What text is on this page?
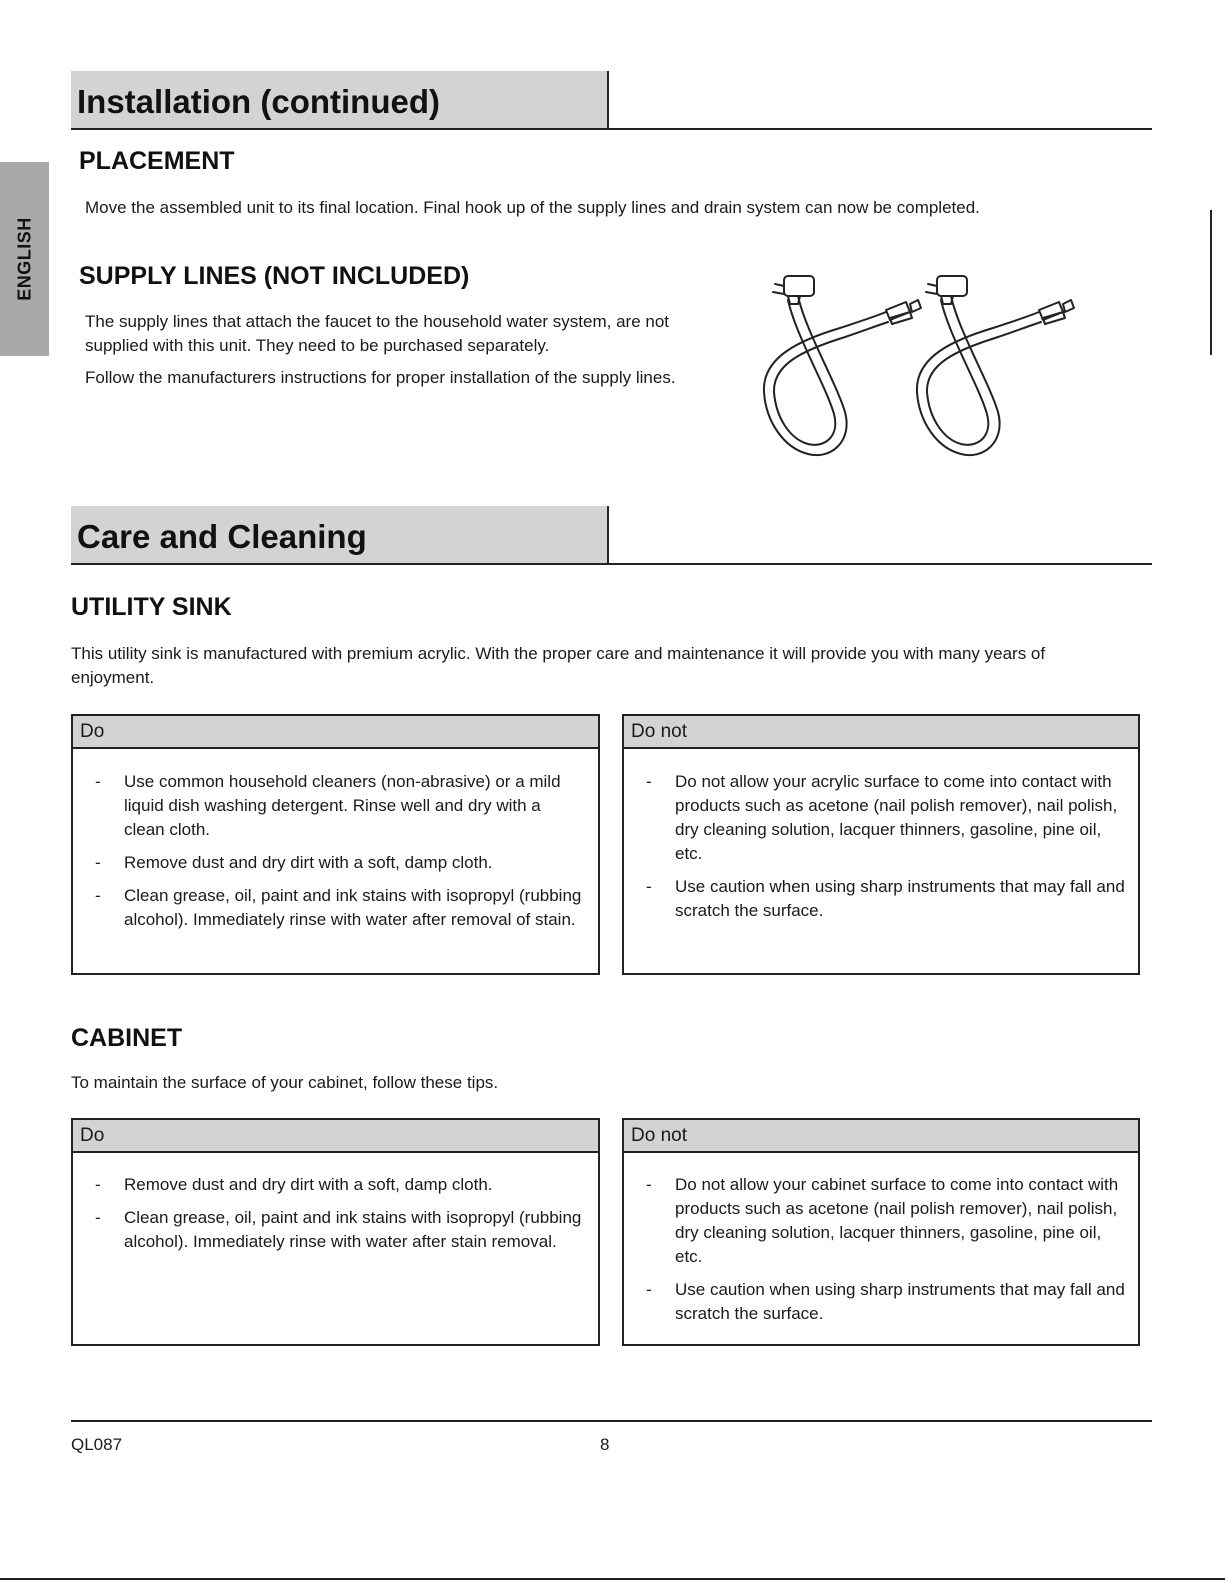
ENGLISH
Installation (continued)
PLACEMENT
Move the assembled unit to its final location. Final hook up of the supply lines and drain system can now be completed.
SUPPLY LINES (NOT INCLUDED)
The supply lines that attach the faucet to the household water system, are not supplied with this unit. They need to be purchased separately.
Follow the manufacturers instructions for proper installation of the supply lines.
Care and Cleaning
UTILITY SINK
This utility sink is manufactured with premium acrylic. With the proper care and maintenance it will provide you with many years of enjoyment.
Do
- Use common household cleaners (non-abrasive) or a mild liquid dish washing detergent. Rinse well and dry with a clean cloth.
- Remove dust and dry dirt with a soft, damp cloth.
- Clean grease, oil, paint and ink stains with isopropyl (rubbing alcohol). Immediately rinse with water after removal of stain.
Do not
- Do not allow your acrylic surface to come into contact with products such as acetone (nail polish remover), nail polish, dry cleaning solution, lacquer thinners, gasoline, pine oil, etc.
- Use caution when using sharp instruments that may fall and scratch the surface.
CABINET
To maintain the surface of your cabinet, follow these tips.
Do
- Remove dust and dry dirt with a soft, damp cloth.
- Clean grease, oil, paint and ink stains with isopropyl (rubbing alcohol). Immediately rinse with water after stain removal.
Do not
- Do not allow your cabinet surface to come into contact with products such as acetone (nail polish remover), nail polish, dry cleaning solution, lacquer thinners, gasoline, pine oil, etc.
- Use caution when using sharp instruments that may fall and scratch the surface.
QL087	8
